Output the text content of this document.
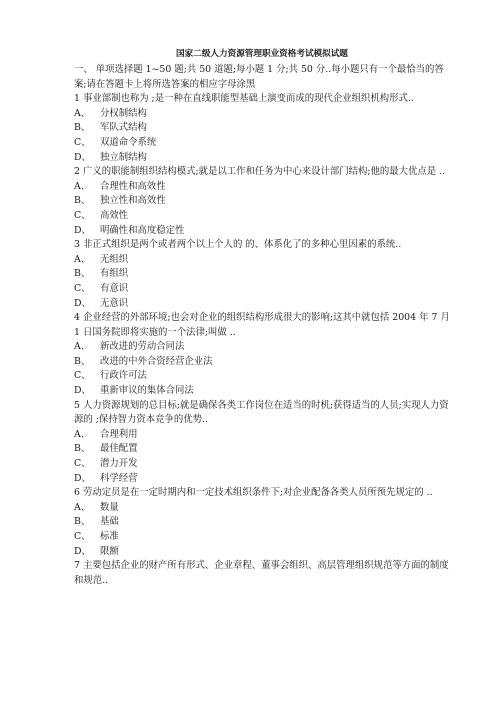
国家二级人力资源管理职业资格考试模拟试题

一、 单项选择题 1~50 题;共 50 道题;每小题 1 分;共 50 分..每小题只有一个最恰当的答案;请在答题卡上将所选答案的相应字母涂黑

1 事业部制也称为 ;是一种在直线职能型基础上演变而成的现代企业组织机构形式..

A、 分权制结构
B、 军队式结构
C、 双道命令系统
D、 独立制结构

2 广义的职能制组织结构模式;就是以工作和任务为中心来设计部门结构;他的最大优点是 ..

A、 合理性和高效性
B、 独立性和高效性
C、 高效性
D、 明确性和高度稳定性

3 非正式组织是两个或者两个以上个人的 的、体系化了的多种心里因素的系统..

A、 无组织
B、 有组织
C、 有意识
D、 无意识

4 企业经营的外部环境;也会对企业的组织结构形成很大的影响;这其中就包括 2004 年 7 月 1 日国务院即将实施的一个法律;叫做 ..

A、 新改进的劳动合同法
B、 改进的中外合资经营企业法
C、 行政许可法
D、 重新审议的集体合同法

5 人力资源规划的总目标;就是确保各类工作岗位在适当的时机;获得适当的人员;实现人力资源的 ;保持智力资本竞争的优势..

A、 合理利用
B、 最佳配置
C、 潜力开发
D、 科学经营

6 劳动定员是在一定时期内和一定技术组织条件下;对企业配备各类人员所预先规定的 ..

A、 数量
B、 基础
C、 标准
D、 限额

7 主要包括企业的财产所有形式、企业章程、董事会组织、高层管理组织规范等方面的制度和规范..
